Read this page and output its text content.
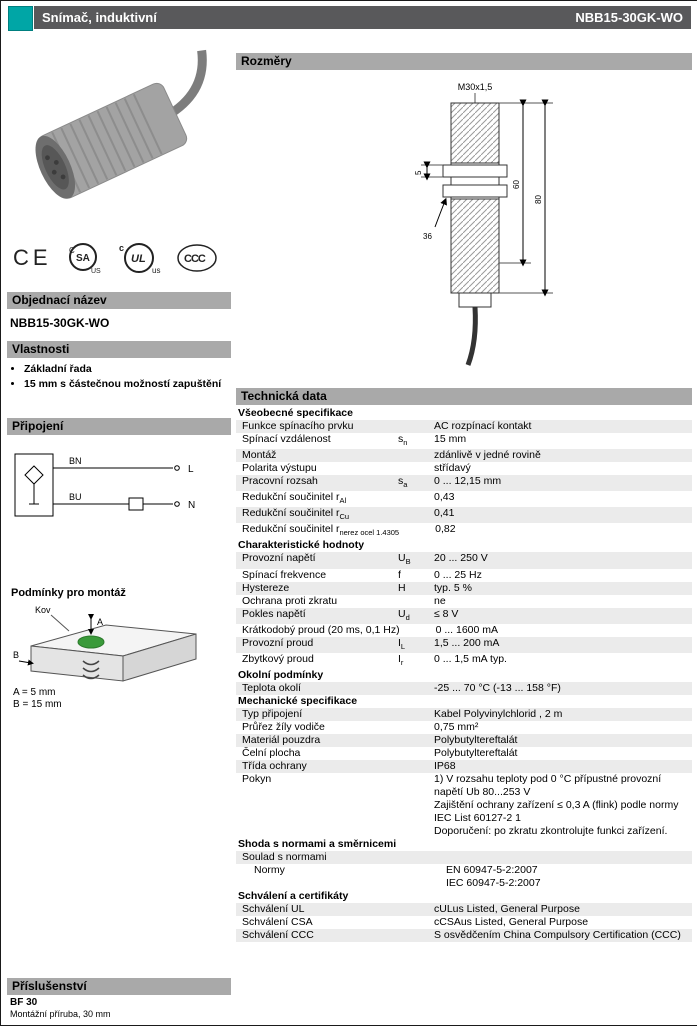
Snímač, induktivní	NBB15-30GK-WO
CE C
SA
US
c
UL
us
CCC
Objednací název
NBB15-30GK-WO
Vlastnosti
• Základní řada
• 15 mm s částečnou možností zapuštění
Připojení
BN
L
BU
N
Podmínky pro montáž
Kov
A
B
A = 5 mm
B = 15 mm
Příslušenství
BF 30
Montážní příruba, 30 mm
Rozměry
M30x1,5
5
36
60
80
Technická data
Všeobecné specifikace
Funkce spínacího prvku	AC rozpínací kontakt
Spínací vzdálenost	$s_n$	15 mm
Montáž	zdánlivě v jedné rovině
Polarita výstupu	střídavý
Pracovní rozsah	$s_a$	0 ... 12,15 mm
Redukční součinitel $r_{Al}$	0,43
Redukční součinitel $r_{Cu}$	0,41
Redukční součinitel $r_{nerez ocel 1.4305}$	0,82
Charakteristické hodnoty
Provozní napětí	$U_B$	20 ... 250 V
Spínací frekvence	f	0 ... 25 Hz
Hystereze	H	typ. 5 %
Ochrana proti zkratu	ne
Pokles napětí	$U_d$	≤ 8 V
Krátkodobý proud (20 ms, 0,1 Hz)	0 ... 1600 mA
Provozní proud	$I_L$	1,5 ... 200 mA
Zbytkový proud	$I_r$	0 ... 1,5 mA typ.
Okolní podmínky
Teplota okolí	-25 ... 70 °C (-13 ... 158 °F)
Mechanické specifikace
Typ připojení	Kabel Polyvinylchlorid , 2 m
Průřez žíly vodiče	0,75 mm²
Materiál pouzdra	Polybutyltereftalát
Čelní plocha	Polybutyltereftalát
Třída ochrany	IP68
Pokyn	1) V rozsahu teploty pod 0 °C přípustné provozní napětí Ub 80...253 V
Zajištění ochrany zařízení ≤ 0,3 A (flink) podle normy IEC List 60127-2 1
Doporučení: po zkratu zkontrolujte funkci zařízení.
Shoda s normami a směrnicemi
Soulad s normami
Normy	EN 60947-5-2:2007
IEC 60947-5-2:2007
Schválení a certifikáty
Schválení UL	cULus Listed, General Purpose
Schválení CSA	cCSAus Listed, General Purpose
Schválení CCC	S osvědčením China Compulsory Certification (CCC)
